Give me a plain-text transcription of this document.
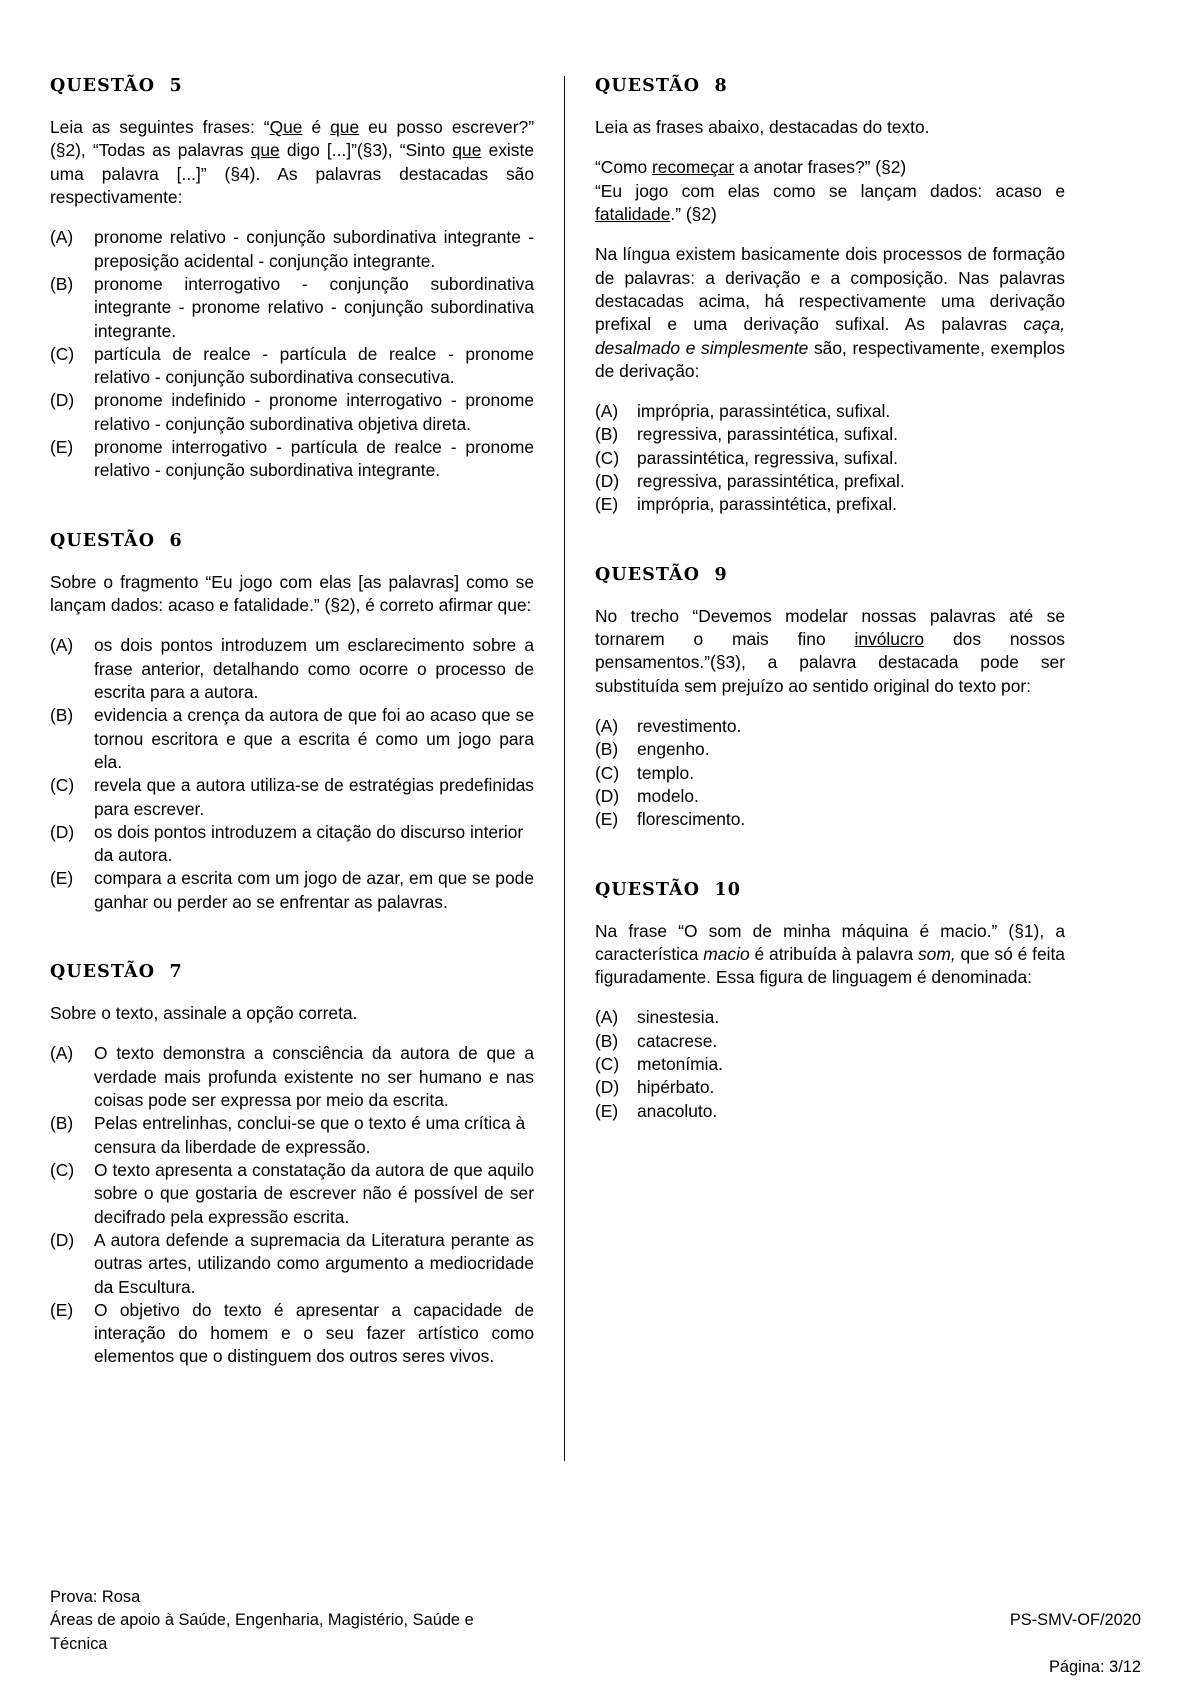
QUESTÃO  5

Leia as seguintes frases: “Que é que eu posso escrever?” (§2), “Todas as palavras que digo [...]”(§3), “Sinto que existe uma palavra [...]” (§4). As palavras destacadas são respectivamente:

(A)	pronome relativo - conjunção subordinativa integrante - preposição acidental - conjunção integrante.
(B)	pronome interrogativo - conjunção subordinativa integrante - pronome relativo - conjunção subordinativa integrante.
(C)	partícula de realce - partícula de realce - pronome relativo - conjunção subordinativa consecutiva.
(D)	pronome indefinido - pronome interrogativo - pronome relativo - conjunção subordinativa objetiva direta.
(E)	pronome interrogativo - partícula de realce - pronome relativo - conjunção subordinativa integrante.
QUESTÃO  6

Sobre o fragmento “Eu jogo com elas [as palavras] como se lançam dados: acaso e fatalidade.” (§2), é correto afirmar que:

(A)	os dois pontos introduzem um esclarecimento sobre a frase anterior, detalhando como ocorre o processo de escrita para a autora.
(B)	evidencia a crença da autora de que foi ao acaso que se tornou escritora e que a escrita é como um jogo para ela.
(C)	revela que a autora utiliza-se de estratégias predefinidas para escrever.
(D)	os dois pontos introduzem a citação do discurso interior da autora.
(E)	compara a escrita com um jogo de azar, em que se pode ganhar ou perder ao se enfrentar as palavras.
QUESTÃO  7

Sobre o texto, assinale a opção correta.

(A)	O texto demonstra a consciência da autora de que a verdade mais profunda existente no ser humano e nas coisas pode ser expressa por meio da escrita.
(B)	Pelas entrelinhas, conclui-se que o texto é uma crítica à censura da liberdade de expressão.
(C)	O texto apresenta a constatação da autora de que aquilo sobre o que gostaria de escrever não é possível de ser decifrado pela expressão escrita.
(D)	A autora defende a supremacia da Literatura perante as outras artes, utilizando como argumento a mediocridade da Escultura.
(E)	O objetivo do texto é apresentar a capacidade de interação do homem e o seu fazer artístico como elementos que o distinguem dos outros seres vivos.
QUESTÃO  8

Leia as frases abaixo, destacadas do texto.

“Como recomeçar a anotar frases?” (§2)
“Eu jogo com elas como se lançam dados: acaso e fatalidade.” (§2)

Na língua existem basicamente dois processos de formação de palavras: a derivação e a composição. Nas palavras destacadas acima, há respectivamente uma derivação prefixal e uma derivação sufixal. As palavras caça, desalmado e simplesmente são, respectivamente, exemplos de derivação:

(A)	imprópria, parassintética, sufixal.
(B)	regressiva, parassintética, sufixal.
(C)	parassintética, regressiva, sufixal.
(D)	regressiva, parassintética, prefixal.
(E)	imprópria, parassintética, prefixal.
QUESTÃO  9

No trecho “Devemos modelar nossas palavras até se tornarem o mais fino invólucro dos nossos pensamentos.”(§3), a palavra destacada pode ser substituída sem prejuízo ao sentido original do texto por:

(A)	revestimento.
(B)	engenho.
(C)	templo.
(D)	modelo.
(E)	florescimento.
QUESTÃO  10

Na frase “O som de minha máquina é macio.” (§1), a característica macio é atribuída à palavra som, que só é feita figuradamente. Essa figura de linguagem é denominada:

(A)	sinestesia.
(B)	catacrese.
(C)	metonímia.
(D)	hipérbato.
(E)	anacoluto.
Prova: Rosa
Áreas de apoio à Saúde, Engenharia, Magistério, Saúde e
Técnica

PS-SMV-OF/2020

Página: 3/12
